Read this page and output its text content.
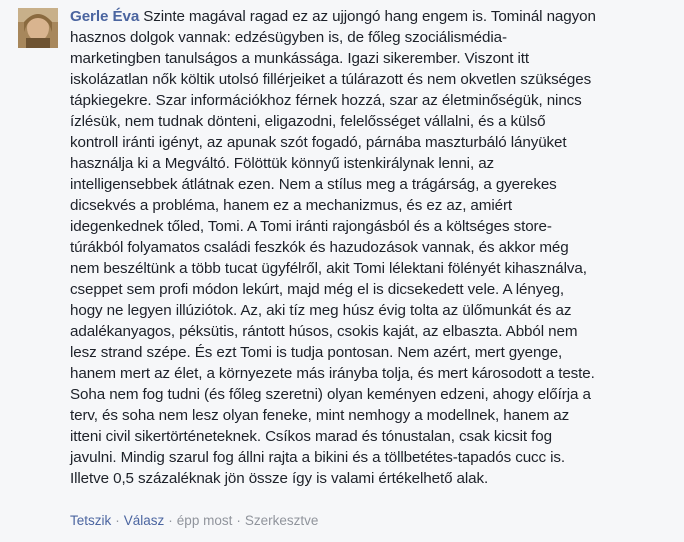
Gerle Éva Szinte magával ragad ez az ujjongó hang engem is. Tominál nagyon
hasznos dolgok vannak: edzésügyben is, de főleg szociálismédia-
marketingben tanulságos a munkássága. Igazi sikerember. Viszont itt
iskolázatlan nők költik utolsó fillérjeiket a túlárazott és nem okvetlen szükséges
tápkiegekre. Szar információkhoz férnek hozzá, szar az életminőségük, nincs
ízlésük, nem tudnak dönteni, eligazodni, felelősséget vállalni, és a külső
kontroll iránti igényt, az apunak szót fogadó, párnába maszturbáló lányüket
használja ki a Megváltó. Fölöttük könnyű istenkirálynak lenni, az
intelligensebbek átlátnak ezen. Nem a stílus meg a trágárság, a gyerekes
dicsekvés a probléma, hanem ez a mechanizmus, és ez az, amiért
idegenkednek tőled, Tomi. A Tomi iránti rajongásból és a költséges store-
túrákból folyamatos családi feszkók és hazudozások vannak, és akkor még
nem beszéltünk a több tucat ügyfélről, akit Tomi lélektani fölényét kihasználva,
cseppet sem profi módon lekúrt, majd még el is dicsekedett vele. A lényeg,
hogy ne legyen illúziótok. Az, aki tíz meg húsz évig tolta az ülőmunkát és az
adalékanyagos, péksütis, rántott húsos, csokis kaját, az elbaszta. Abból nem
lesz strand szépe. És ezt Tomi is tudja pontosan. Nem azért, mert gyenge,
hanem mert az élet, a környezete más irányba tolja, és mert károsodott a teste.
Soha nem fog tudni (és főleg szeretni) olyan keményen edzeni, ahogy előírja a
terv, és soha nem lesz olyan feneke, mint nemhogy a modellnek, hanem az
itteni civil sikertörténeteknek. Csíkos marad és tónustalan, csak kicsit fog
javulni. Mindig szarul fog állni rajta a bikini és a töllbetétes-tapadós cucc is.
Illetve 0,5 százaléknak jön össze így is valami értékelhető alak.
Tetszik · Válasz · épp most · Szerkesztve
